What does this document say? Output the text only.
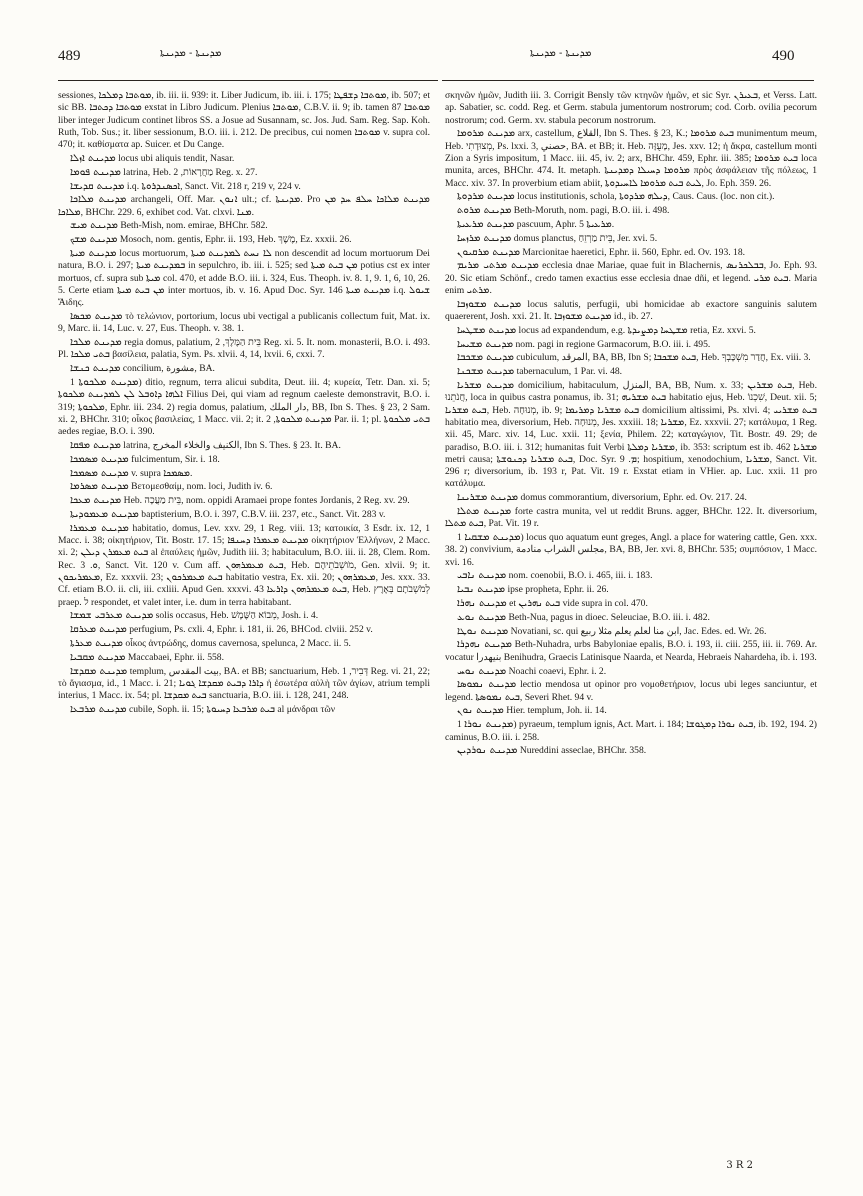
489	ܡܕܝܢܬܐ - ܡܕܝܢܬܐ	ܡܕܝܢܬܐ - ܡܕܝܢܬܐ	490

sessiones, ܡܘܬܒܐ ܕܡܠܟܐ, ib. iii. ii. 939: it. Liber Judicum, ib. iii. i. 175; ܡܘܬܒܐ ܕܫܦܛܐ, ib. 507; et sic BB. ܡܘܬܒܐ ܕܟܬܒܐ exstat in Libro Judicum. Plenius ܡܘܬܒܐ, C.B.V. ii. 9; ib. tamen 87 ܡܘܬܒܐ liber integer Judicum continet libros SS. a Josue ad Susannam, sc. Jos. Jud. Sam. Reg. Sap. Koh. Ruth, Tob. Sus.; it. liber sessionum, B.O. iii. i. 212. De precibus, cui nomen ܡܘܬܒܐ v. supra col. 470; it. καθίσματα ap. Suicer. et Du Cange.

ܡܕܝܢܬ ܐܙܠܐ locus ubi aliquis tendit, Nasar.

ܡܕܝܢܬ ܦܘܡܐ latrina, Heb. מַחֲרָאוֹת, 2 Reg. x. 27.

ܡܕܝܢܬ ܩܕܝܫܐ i.q. ܐܟܣܢܕܪܘܬܐ, Sanct. Vit. 218 r, 219 v, 224 v.

ܡܕܝܢܬ ܡܠܐܟܐ archangeli, Off. Mar. ܐܢܘܢ ult.; cf. ܡܕܝܢܬܐ. Pro ܡܕܝܢܬ ܡܠܐܟܐ ܚܠܦ ܚܕ ܡܢ ܡܠܐܟܐ, BHChr. 229. 6, exhibet cod. Vat. clxvi. ܡܢܐ.

ܡܕܝܢܬ ܡܝܫ Beth-Mish, nom. emirae, BHChr. 582.

ܡܕܝܢܬ ܡܫܟ Mosoch, nom. gentis, Ephr. ii. 193, Heb. מֶשֶׁךְ, Ez. xxxii. 26.

ܡܕܝܢܬ ܡܝܬܐ locus mortuorum, ܠܐ ܢܚܬ ܠܡܕܝܢܬ ܡܝܬܐ non descendit ad locum mortuorum Dei natura, B.O. i. 297; ܒܡܕܝܢܬ ܡܝܬܐ in sepulchro, ib. iii. i. 525; sed ܡܢ ܒܝܬ ܡܝܬܐ potius cst ex inter mortuos, cf. supra sub ܡܝܬܐ col. 470, et adde B.O. iii. i. 324, Eus. Theoph. iv. 8. 1, 9. 1, 6, 10, 26. 5. Certe etiam ܡܢ ܒܝܬ ܡܝܬܐ inter mortuos, ib. v. 16. Apud Doc. Syr. 146 ܡܕܝܢܬ ܡܝܬܐ i.q. ܫܝܘܠ Ἅιδης.

ܡܕܝܢܬ ܡܟܣܐ τὸ τελώνιον, portorium, locus ubi vectigal a publicanis collectum fuit, Mat. ix. 9, Marc. ii. 14, Luc. v. 27, Eus. Theoph. v. 38. 1.

ܡܕܝܢܬ ܡܠܟܐ regia domus, palatium, בֵּית הַמֶּלֶךְ, 2 Reg. xi. 5. It. nom. monasterii, B.O. i. 493. Pl. ܒܬܝ ܡܠܟܐ βασίλεια, palatia, Sym. Ps. xlvii. 4, 14, lxvii. 6, cxxi. 7.

ܡܕܝܢܬ ܟܢܫܐ concilium, مشورة, BA.

ܡܕܝܢܬ ܡܠܟܘܬܐ 1) ditio, regnum, terra alicui subdita, Deut. iii. 4; κυρεία, Tetr. Dan. xi. 5; ܐܠܗܐ ܕܐܘܒܠ ܠܢ ܠܡܕܝܢܬ ܡܠܟܘܬܐ Filius Dei, qui viam ad regnum caeleste demonstravit, B.O. i. 319; ܡܠܟܘܬܐ, Ephr. iii. 234. 2) regia domus, palatium, دار الملك, BB, Ibn S. Thes. § 23, 2 Sam. xi. 2, BHChr. 310; οἶκος βασιλείας, 1 Macc. vii. 2; it. ܡܕܝܢܬ ܡܠܟܘܬܐ, 2 Par. ii. 1; pl. ܒܬܝ ܡܠܟܘܬܐ aedes regiae, B.O. i. 390.

ܡܕܝܢܬ ܡܦܩܐ latrina, الكنيف والخلاء المخرج, Ibn S. Thes. § 23. It. BA.

ܡܕܝܢܬ ܡܣܡܟܐ fulcimentum, Sir. i. 18.

ܡܕܝܢܬ ܡܣܡܟܐ v. supra ܡܣܡܟܐ.

ܡܕܝܢܬ ܡܣܪܡܐ Βετομεσθαίμ, nom. loci, Judith iv. 6.

ܡܕܝܢܬ ܡܥܟܐ Heb. בֵּית מַעֲכָה, nom. oppidi Aramaei prope fontes Jordanis, 2 Reg. xv. 29.

ܡܕܝܢܬ ܡܥܡܘܕܝܬܐ baptisterium, B.O. i. 397, C.B.V. iii. 237, etc., Sanct. Vit. 283 v.

ܡܕܝܢܬ ܡܥܡܪܐ habitatio, domus, Lev. xxv. 29, 1 Reg. viii. 13; κατοικία, 3 Esdr. ix. 12, 1 Macc. i. 38; οἰκητήριον, Tit. Bostr. 17. 15; ܡܕܝܢܬ ܡܥܡܪܐ ܕܚܢܦܐ οἰκητήριον Ἑλλήνων, 2 Macc. xi. 2; ܒܝܬ ܡܥܡܪܢ ܕܝܠܢ al ἐπαύλεις ἡμῶν, Judith iii. 3; habitaculum, B.O. iii. ii. 28, Clem. Rom. Rec. ܘ. 3, Sanct. Vit. 120 v. Cum aff. ܒܝܬ ܡܥܡܪܗܘܢ, Heb. מֹושְׁבֹתֵיהֶם, Gen. xlvii. 9; it. ܡܥܡܪܝܟܘܢ, Ez. xxxvii. 23; ܒܝܬ ܡܥܡܪܟܘܢ habitatio vestra, Ex. xii. 20; ܡܥܡܪܗܘܢ, Jes. xxx. 33. Cf. etiam B.O. ii. cli, iii. cxliii. Apud Gen. xxxvi. 43 ܒܝܬ ܡܥܡܪܗܘܢ ܕܐܪܥܐ, Heb. לְמֹשְׁבֹתָם בְּאֶרֶץ praep. ל respondet, et valet inter, i.e. dum in terra habitabant.

ܡܕܝܢܬ ܡܥܪܒܝ ܫܡܫܐ solis occasus, Heb. מְבוֹא הַשֶּׁמֶשׁ, Josh. i. 4.

ܡܕܝܢܬ ܡܥܪܩܐ perfugium, Ps. cxli. 4, Ephr. i. 181, ii. 26, BHCod. clviii. 252 v.

ܡܕܝܢܬ ܡܥܪܬܐ οἶκος ἀντρώδης, domus cavernosa, spelunca, 2 Macc. ii. 5.

ܡܕܝܢܬ ܡܩܒܝܐ Maccabaei, Ephr. ii. 558.

ܡܕܝܢܬ ܡܩܕܫܐ templum, بيت المقدس, BA. et BB; sanctuarium, Heb. דְּבִיר, 1 Reg. vi. 21, 22; τὸ ἅγιασμα, id., 1 Macc. i. 21; ܕܐܪܐ ܕܒܝܬ ܡܩܕܫܐ ܓܘܝܐ ἡ ἐσωτέρα αὐλὴ τῶν ἁγίων, atrium templi interius, 1 Macc. ix. 54; pl. ܒܝܬ ܡܩܕܫܐ sanctuaria, B.O. iii. i. 128, 241, 248.

ܡܕܝܢܬ ܡܪܒܥܐ cubile, Soph. ii. 15; ܒܝܬ ܡܪܒܥܐ ܕܚܝܘܬܐ al μάνδραι τῶν

σκηνῶν ἡμῶν, Judith iii. 3. Corrigit Bensly τῶν κτηνῶν ἡμῶν, et sic Syr. ܒܥܝܪܢ, et Verss. Latt. ap. Sabatier, sc. codd. Reg. et Germ. stabula jumentorum nostrorum; cod. Corb. ovilia pecorum nostrorum; cod. Germ. xv. stabula pecorum nostrorum.

ܡܕܝܢܬ ܡܪܘܡܐ arx, castellum, القلاع, Ibn S. Thes. § 23, K.; ܒܝܬ ܡܪܘܡܐ munimentum meum, Heb. מְצוּדָתִי, Ps. lxxi. 3, حصني, BA. et BB; it. Heb. מָעֻזָּה, Jes. xxv. 12; ἡ ἄκρα, castellum monti Zion a Syris impositum, 1 Macc. iii. 45, iv. 2; arx, BHChr. 459, Ephr. iii. 385; ܒܝܬ ܡܪܘܡܐ loca munita, arces, BHChr. 474. It. metaph. ܡܪܘܡܐ ܕܚܝܠܐ ܕܡܕܝܢܬܐ πρὸς ἀσφάλειαν τῆς πόλεως, 1 Macc. xiv. 37. In proverbium etiam abiit, ܠܝܬ ܒܝܬ ܡܪܘܡܐ ܠܐܚܝܕܘܬܐ, Jo. Eph. 359. 26.

ܡܕܝܢܬ ܡܪܕܘܬܐ locus institutionis, schola, ܕܝܠܗ ܡܪܕܘܬܐ, Caus. Caus. (loc. non cit.).

ܡܕܝܢܬ ܡܪܘܬ Beth-Moruth, nom. pagi, B.O. iii. i. 498.

ܡܕܝܢܬ ܡܪܥܝܬܐ pascuum, Aphr. ܡܪܥܝܬܐ 5.

ܡܕܝܢܬ ܡܪܙܚܐ domus planctus, בֵּית מַרְזֵחַ, Jer. xvi. 5.

ܡܕܝܢܬ ܡܪܩܝܘܢ Marcionitae haeretici, Ephr. ii. 560, Ephr. ed. Ov. 193. 18.

ܡܕܝܢܬ ܡܪܬܝ ܡܪܝܡ ecclesia dnae Mariae, quae fuit in Blachernis, ܒܒܠܟܪܢܣ, Jo. Eph. 93. 20. Sic etiam Schönf., credo tamen exactius esse ecclesia dnae dñi, et legend. ܒܝܬ ܡܪܝ. Maria enim ܡܪܬܝ.

ܡܕܝܢܬ ܡܫܘܙܒܐ locus salutis, perfugii, ubi homicidae ab exactore sanguinis salutem quaererent, Josh. xxi. 21. It. ܡܕܝܢܬ ܡܫܘܙܒܐ id., ib. 27.

ܡܕܝܢܬ ܡܫܛܚܐ locus ad expandendum, e.g. ܡܫܛܚܐ ܕܡܨܝܕܬܐ retia, Ez. xxvi. 5.

ܡܕܝܢܬ ܡܫܝܚܐ nom. pagi in regione Garmacorum, B.O. iii. i. 495.

ܡܕܝܢܬ ܡܫܟܒܐ cubiculum, المرقد, BA, BB, Ibn S; ܒܝܬ ܡܫܟܒܐ, Heb. חֲדַר מִשְׁכָּבְךָ, Ex. viii. 3.

ܡܕܝܢܬ ܡܫܟܢܐ tabernaculum, 1 Par. vi. 48.

ܡܕܝܢܬ ܡܫܪܝܐ domicilium, habitaculum, المنزل, BA, BB, Num. x. 33; ܒܝܬ ܡܫܪܝܢ, Heb. חֲנֹתֵנוּ, loca in quibus castra ponamus, ib. 31; ܒܝܬ ܡܫܪܝܗ habitatio ejus, Heb. שִׁכְנוֹ, Deut. xii. 5; ܒܝܬ ܡܫܪܝܐ, Heb. מְנוּחָה, ib. 9; ܒܝܬ ܡܫܪܝܐ ܕܡܪܝܡܐ domicilium altissimi, Ps. xlvi. 4; ܒܝܬ ܡܫܪܝܝ habitatio mea, diversorium, Heb. מְנוּחָה, Jes. xxxiii. 18; ܡܫܪܝܐ, Ez. xxxvii. 27; κατάλυμα, 1 Reg. xii. 45, Marc. xiv. 14, Luc. xxii. 11; ξενία, Philem. 22; καταγώγιον, Tit. Bostr. 49. 29; de paradiso, B.O. iii. i. 312; humanitas fuit Verbi ܡܫܪܝܐ ܕܡܠܬܐ, ib. 353: scriptum est ib. 462 ܡܫܪܝܐ metri causa; ܒܝܬ ܡܫܪܝܐ ܕܟܢܘܫܬܐ, Doc. Syr. ܡ. 9; hospitium, xenodochium, ܡܫܪܝܐ, Sanct. Vit. 296 r; diversorium, ib. 193 r, Pat. Vit. 19 r. Exstat etiam in VHier. ap. Luc. xxii. 11 pro κατάλυμα.

ܡܕܝܢܬ ܡܫܪܝܢܐ domus commorantium, diversorium, Ephr. ed. Ov. 217. 24.

ܡܕܝܢܬ ܡܬܠܐ forte castra munita, vel ut reddit Bruns. agger, BHChr. 122. It. diversorium, ܒܝܬ ܡܬܠܐ, Pat. Vit. 19 r.

ܡܕܝܢܬ ܡܫܩܝܐ 1) locus quo aquatum eunt greges, Angl. a place for watering cattle, Gen. xxx. 38. 2) convivium, مجلس الشراب منادمة, BA, BB, Jer. xvi. 8, BHChr. 535; συμπόσιον, 1 Macc. xvi. 16.

ܡܕܝܢܬ ܢܐܒܝ nom. coenobii, B.O. i. 465, iii. i. 183.

ܡܕܝܢܬ ܢܒܝܐ ipse propheta, Ephr. ii. 26.

ܡܕܝܢܬ ܢܗܪܐ et ܒܝܬ ܢܗܪܝܢ vide supra in col. 470.

ܡܕܝܢܬ ܢܘܥ Beth-Nua, pagus in dioec. Seleuciae, B.O. iii. i. 482.

ܡܕܝܢܬ ܢܘܛܐ Novatiani, sc. qui ابن منا لعلم يعلم مثلا ربيع, Jac. Edes. ed. Wr. 26.

ܡܕܝܢܬ ܢܗܕܪܐ Beth-Nuhadra, urbs Babyloniae epalis, B.O. i. 193, ii. ciii. 255, iii. ii. 769. Ar. vocatur بنيهدرا Benihudra, Graecis Latinisque Naarda, et Nearda, Hebraeis Nahardeha, ib. i. 193.

ܡܕܝܢܬ ܢܘܚ Noachi coaevi, Ephr. i. 2.

ܡܕܝܢܬ ܢܡܘܣܐ lectio mendosa ut opinor pro νομοθετήριον, locus ubi leges sanciuntur, et legend. ܒܝܬ ܢܡܘܣܬܐ, Severi Rhet. 94 v.

ܡܕܝܢܬ ܢܘܢ Hier. templum, Joh. ii. 14.

ܡܕܝܢܬ ܢܘܪܐ 1) pyraeum, templum ignis, Act. Mart. i. 184; ܒܝܬ ܢܘܪܐ ܕܡܓܘܫܐ, ib. 192, 194. 2) caminus, B.O. iii. i. 258.

ܡܕܝܢܬ ܢܘܪܕܝܢ Nureddini asseclae, BHChr. 358.

3 R 2
